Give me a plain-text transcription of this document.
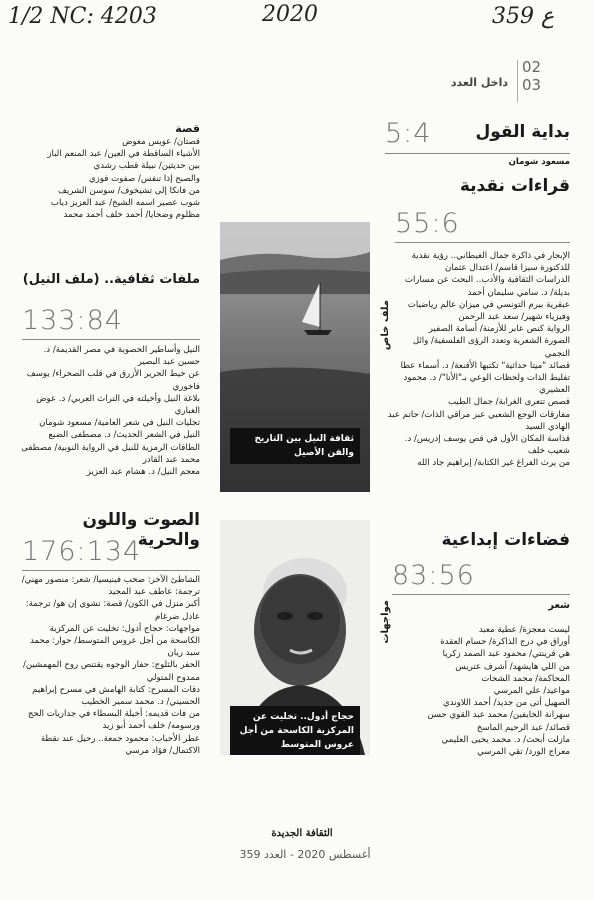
1/2 NC: 4203	2020	359 ع
داخل العدد
02
03
بداية القول
5:4
مسعود شومان
قراءات نقدية
55:6
الإبحار في ذاكرة جمال الغيطاني.. رؤية نقدية للدكتورة سيزا قاسم/ اعتدال عثمان
الدراسات الثقافية والأدب.. البحث عن مسارات بديلة/ د. سامي سليمان أحمد
عبقرية بيرم التونسي في ميزان عالم رياضيات وفيزياء شهير/ سعد عبد الرحمن
الرواية كنص عابر للأزمنة/ أسامة الصفير
الصورة الشعرية وتعدد الرؤى الفلسفية/ وائل النجمي
قصائد "ميتا حداثية" تكتبها الأقنعة/ د. أسماء عطا
تفليط الذات ولحظات الوعي بـ"الأنا"/ د. محمود العشيري
قصص تتعرى الغرابة/ جمال الطيب
مفارقات الوجع الشعبي عبر مراقي الذات/ حاتم عبد الهادي السيد
قداسة المكان الأول في قص يوسف إدريس/ د. شعيب خلف
من يرث الفراغ غير الكتابة/ إبراهيم جاد الله
فضاءات إبداعية
83:56
شعر
ليست معجزة/ عطية معبد
أوراق في درج الذاكرة/ حسام العقدة
هي قرينتي/ محمود عبد الصمد زكريا
من اللي هايشهد/ أشرف عتريس
المحاكمة/ محمد الشحات
مواعيد/ علي المرسي
الصهيل أتى من جديد/ أحمد اللاوندي
سهرانة الخايفين/ محمد عبد القوي حسن
قصائد/ عبد الرحيم الماسخ
مازلت أبحث/ د. محمد يحيى العليمي
معراج الورد/ تقي المرسي
قصة
قصتان/ عويس معوض
الأشياء الساقطة في العين/ عبد المنعم الباز
بين حديثين/ نبيلة قطب رشدي
والصبح إذا تنفس/ صفوت فوزي
من فانكا إلى تشيخوف/ سوسن الشريف
شوب عصير اسمه الشيخ/ عبد العزيز دياب
مظلوم وضحايا/ أحمد خلف أحمد محمد
ملفات ثقافية.. (ملف النيل)
133:84
النيل وأساطير الخصوبة في مصر القديمة/ د. حسين عبد البصير
عن خيط الحرير الأزرق في قلب الصحراء/ يوسف فاخوري
بلاغة النيل وأخيلته في التراث العربي/ د. عوض الغباري
تجليات النيل في شعر العامية/ مسعود شومان
النيل في الشعر الحديث/ د. مصطفى الضبع
الطاقات الرمزية للنيل في الرواية النوبية/ مصطفى محمد عبد القادر
معجم النيل/ د. هشام عبد العزيز
الصوت واللون والحرية
176:134
الشاطئ الآخر: صخب فينيسيا/ شعر: منصور مهني/ ترجمة: عاطف عبد المجيد
أكبر منزل في الكون/ قصة: تشوي إن هو/ ترجمة: عادل ضرغام
مواجهات: حجاج أدول: تخليت عن المركزية الكاسحة من أجل عروس المتوسط/ حوار: محمد سيد ريان
الحفر بالثلوج: حفار الوجوه يقتنص روح المهمشين/ ممدوح المتولي
دقات المسرح: كتابة الهامش في مسرح إبراهيم الحسيني/ د. محمد سمير الخطيب
من فات قديمه: أخيلة البسطاء في جداريات الحج ورسومه/ خلف أحمد أبو زيد
عطر الأحباب: محمود جمعة.. رحيل عند نقطة الاكتمال/ فؤاد مرسي
ثقافة النيل بين التاريخ والفن الأصيل
ملف خاص
حجاج أدول.. تخليت عن المركزية الكاسحة من أجل عروس المتوسط
مواجهات
الثقافة الجديدة
أغسطس 2020 - العدد 359
